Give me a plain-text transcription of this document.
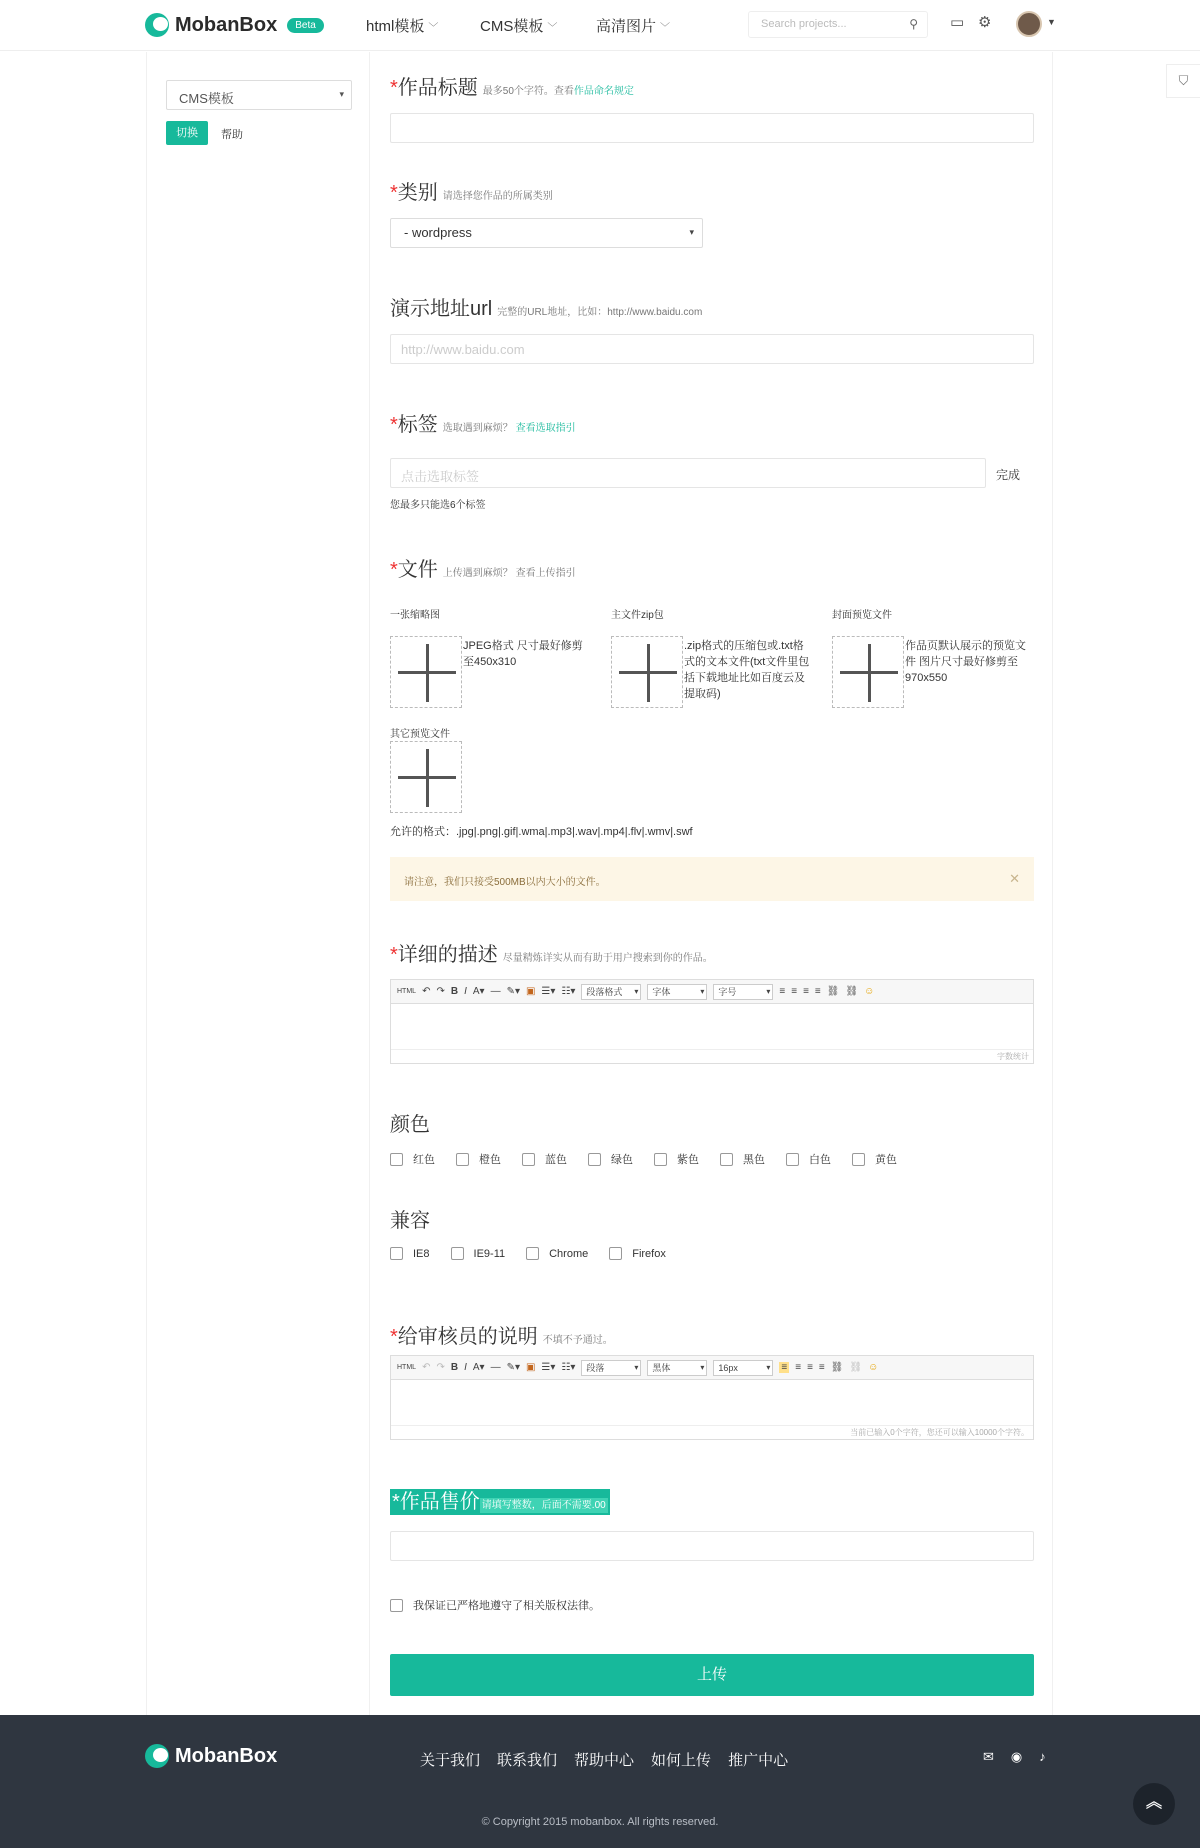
MobanBox	Beta	html模板 ﹀	CMS模板 ﹀	高清图片 ﹀	Search projects...	⚲ ▭ ⚙	▼
CMS模板	▾
切换	帮助
⛉
*作品标题 最多50个字符。查看作品命名规定
*类别 请选择您作品的所属类别
- wordpress	▾
演示地址url 完整的URL地址，比如：http://www.baidu.com
http://www.baidu.com
*标签 选取遇到麻烦？ 查看选取指引
点击选取标签	完成
您最多只能选6个标签
*文件 上传遇到麻烦？ 查看上传指引
一张缩略图
JPEG格式 尺寸最好修剪至450x310
主文件zip包
.zip格式的压缩包或.txt格式的文本文件(txt文件里包括下载地址比如百度云及提取码)
封面预览文件
作品页默认展示的预览文件 图片尺寸最好修剪至970x550
其它预览文件
允许的格式：.jpg|.png|.gif|.wma|.mp3|.wav|.mp4|.flv|.wmv|.swf
请注意，我们只接受500MB以内大小的文件。	✕
*详细的描述 尽量精炼详实从而有助于用户搜索到你的作品。
HTML ↶ ↷ B I A▾ — ✎▾ ▣ ☰▾ ☷▾	段落格式 ▾	字体 ▾	字号 ▾	≡ ≡ ≡ ≡ ⛓ ⛓ ☺
字数统计
颜色
红色	橙色	蓝色	绿色	紫色	黑色	白色	黄色
兼容
IE8	IE9-11	Chrome	Firefox
*给审核员的说明 不填不予通过。
HTML ↶ ↷ B I A▾ — ✎▾ ▣ ☰▾ ☷▾	段落 ▾	黑体 ▾	16px ▾	≡ ≡ ≡ ≡ ⛓ ⛓ ☺
当前已输入0个字符，您还可以输入10000个字符。
*作品售价 请填写整数，后面不需要.00
我保证已严格地遵守了相关版权法律。
上传
MobanBox	关于我们 联系我们 帮助中心 如何上传 推广中心	✉ ◉ ♪
© Copyright 2015 mobanbox. All rights reserved.
︽
